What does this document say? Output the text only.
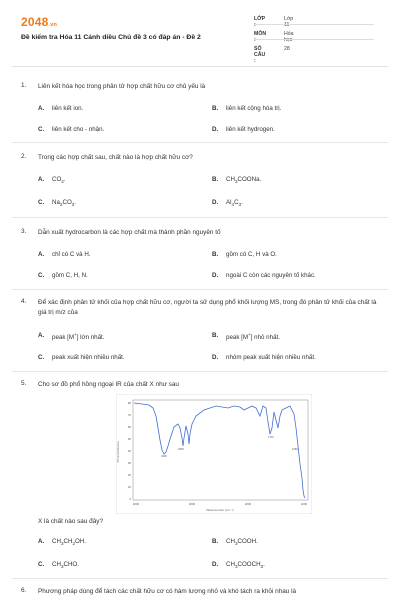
2048.vn
Đề kiểm tra Hóa 11 Cánh diều Chủ đề 3 có đáp án - Đề 2
LỚP :
Lớp 11
MÔN :
Hóa học
SỐ CÂU :
28
1. Liên kết hóa học trong phân tử hợp chất hữu cơ chủ yếu là
A. liên kết ion.	B. liên kết cộng hóa trị.
C. liên kết cho - nhận.	D. liên kết hydrogen.
2. Trong các hợp chất sau, chất nào là hợp chất hữu cơ?
A. $CO_2$.	B. $CH_3COONa$.
C. $Na_2CO_3$.	D. $Al_4C_3$.
3. Dẫn xuất hydrocarbon là các hợp chất mà thành phần nguyên tố
A. chỉ có C và H.	B. gồm có C, H và O.
C. gồm C, H, N.	D. ngoài C còn các nguyên tố khác.
4. Để xác định phân tử khối của hợp chất hữu cơ, người ta sử dụng phổ khối lượng MS, trong đó phân tử khối của chất là giá trị m/z của
A. peak [M+] lớn nhất.	B. peak [M+] nhỏ nhất.
C. peak xuất hiện nhiều nhất.	D. nhóm peak xuất hiện nhiều nhất.
5. Cho sơ đồ phổ hồng ngoại IR của chất X như sau
80
70
60
50
40
30
20
10
0
4000	3000	2000	1000
%Transmittance
Wavenumber (cm⁻¹)
3300
2900
1710
1050
X là chất nào sau đây?
A. $CH_3CH_2OH$.	B. $CH_3COOH$.
C. $CH_3CHO$.	D. $CH_3COOCH_3$.
6. Phương pháp dùng để tách các chất hữu cơ có hàm lượng nhỏ và khó tách ra khỏi nhau là
